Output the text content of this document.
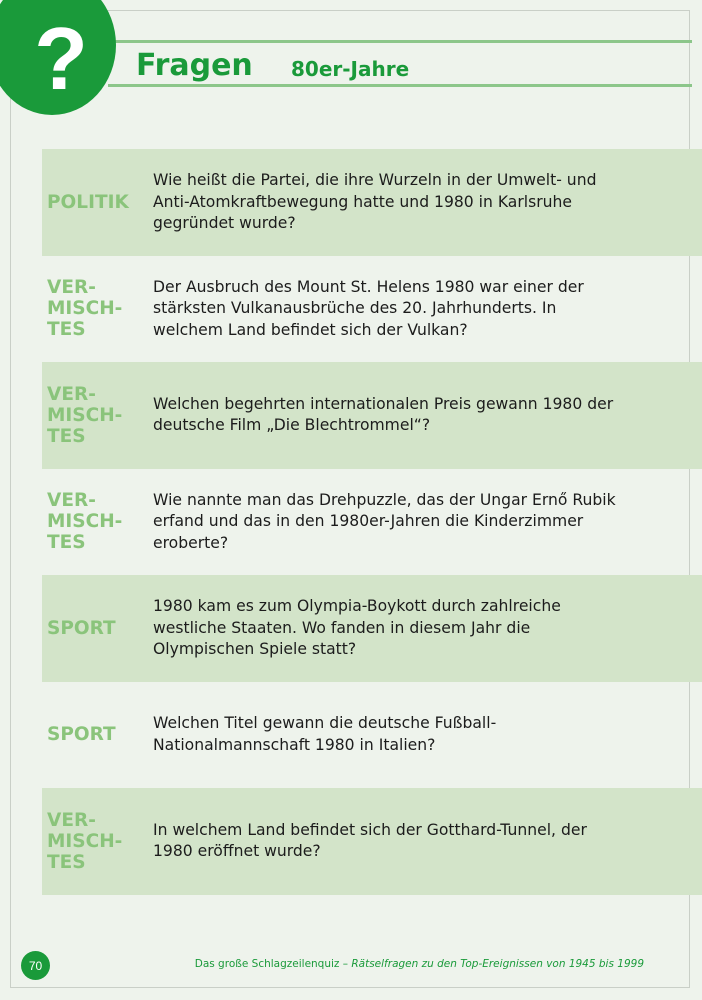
? Fragen 80er-Jahre
POLITIK
Wie heißt die Partei, die ihre Wurzeln in der Umwelt- und Anti-Atomkraftbewegung hatte und 1980 in Karlsruhe gegründet wurde?
VER-
MISCH-
TES
Der Ausbruch des Mount St. Helens 1980 war einer der stärksten Vulkanausbrüche des 20. Jahrhunderts. In welchem Land befindet sich der Vulkan?
VER-
MISCH-
TES
Welchen begehrten internationalen Preis gewann 1980 der deutsche Film „Die Blechtrommel“?
VER-
MISCH-
TES
Wie nannte man das Drehpuzzle, das der Ungar Ernő Rubik erfand und das in den 1980er-Jahren die Kinderzimmer eroberte?
SPORT
1980 kam es zum Olympia-Boykott durch zahlreiche westliche Staaten. Wo fanden in diesem Jahr die Olympischen Spiele statt?
SPORT
Welchen Titel gewann die deutsche Fußball-Nationalmannschaft 1980 in Italien?
VER-
MISCH-
TES
In welchem Land befindet sich der Gotthard-Tunnel, der 1980 eröffnet wurde?
70	Das große Schlagzeilenquiz – Rätselfragen zu den Top-Ereignissen von 1945 bis 1999
